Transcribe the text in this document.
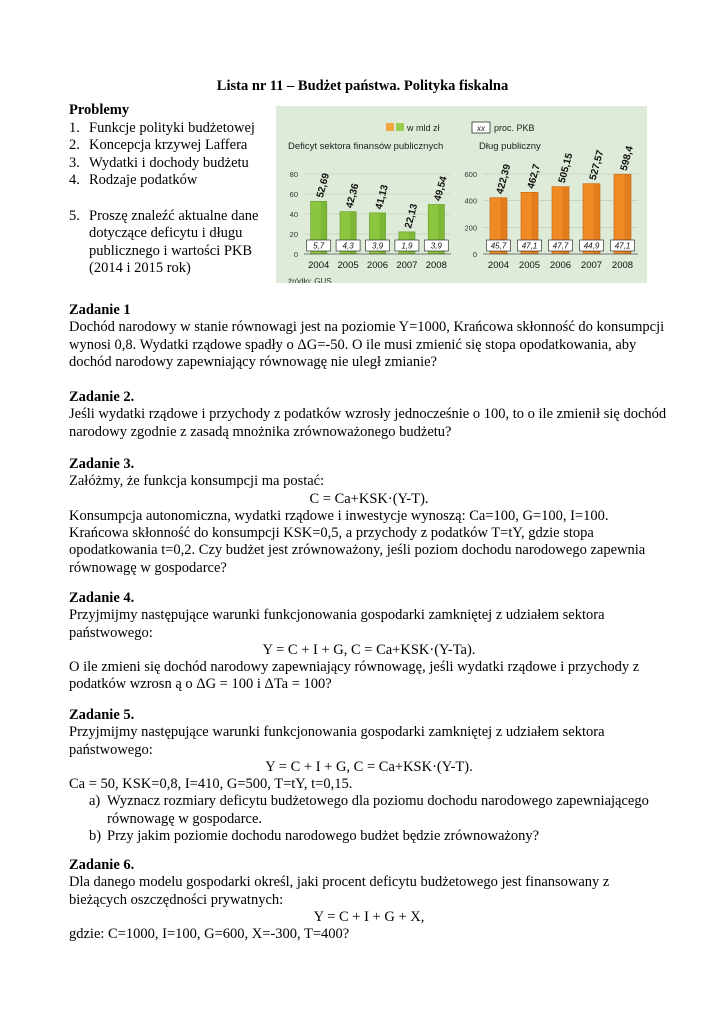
Lista nr 11 – Budżet państwa. Polityka fiskalna
Problemy
1. Funkcje polityki budżetowej
2. Koncepcja krzywej Laffera
3. Wydatki i dochody budżetu
4. Rodzaje podatków
5. Proszę znaleźć aktualne dane dotyczące deficytu i długu publicznego i wartości PKB (2014 i 2015 rok)
w mld zł	xx proc. PKB
Deficyt sektora finansów publicznych	Dług publiczny
źródło: GUS
0
20
40
60
80 52,69
5,7
2004
42,36
4,3
2005
41,13
3,9
2006
22,13
1,9
2007
49,54
3,9
2008
0
200
400
600 422,39
45,7
2004
462,7
47,1
2005
505,15
47,7
2006
527,57
44,9
2007
598,4
47,1
2008
Zadanie 1
Dochód narodowy w stanie równowagi jest na poziomie Y=1000, Krańcowa skłonność do konsumpcji wynosi 0,8. Wydatki rządowe spadły o ΔG=-50. O ile musi zmienić się stopa opodatkowania, aby dochód narodowy zapewniający równowagę nie uległ zmianie?
Zadanie 2.
Jeśli wydatki rządowe i przychody z podatków wzrosły jednocześnie o 100, to o ile zmienił się dochód narodowy zgodnie z zasadą mnożnika zrównoważonego budżetu?
Zadanie 3.
Załóżmy, że funkcja konsumpcji ma postać:
C = Ca+KSK·(Y-T).
Konsumpcja autonomiczna, wydatki rządowe i inwestycje wynoszą: Ca=100, G=100, I=100. Krańcowa skłonność do konsumpcji KSK=0,5, a przychody z podatków T=tY, gdzie stopa opodatkowania t=0,2. Czy budżet jest zrównoważony, jeśli poziom dochodu narodowego zapewnia równowagę w gospodarce?
Zadanie 4.
Przyjmijmy następujące warunki funkcjonowania gospodarki zamkniętej z udziałem sektora państwowego:
Y = C + I + G, C = Ca+KSK·(Y-Ta).
O ile zmieni się dochód narodowy zapewniający równowagę, jeśli wydatki rządowe i przychody z podatków wzrosn ą o ΔG = 100 i ΔTa = 100?
Zadanie 5.
Przyjmijmy następujące warunki funkcjonowania gospodarki zamkniętej z udziałem sektora państwowego:
Y = C + I + G, C = Ca+KSK·(Y-T).
Ca = 50, KSK=0,8, I=410, G=500, T=tY, t=0,15.
a) Wyznacz rozmiary deficytu budżetowego dla poziomu dochodu narodowego zapewniającego równowagę w gospodarce.
b) Przy jakim poziomie dochodu narodowego budżet będzie zrównoważony?
Zadanie 6.
Dla danego modelu gospodarki określ, jaki procent deficytu budżetowego jest finansowany z bieżących oszczędności prywatnych:
Y = C + I + G + X,
gdzie: C=1000, I=100, G=600, X=-300, T=400?
